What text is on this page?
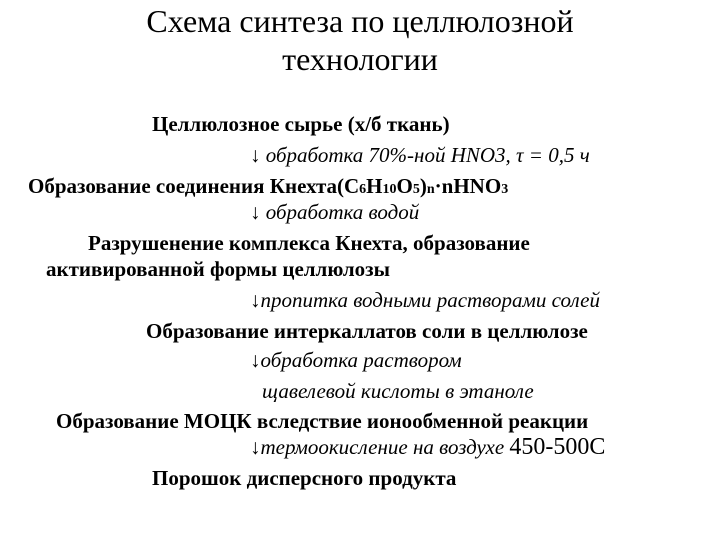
Схема синтеза по целлюлозной
технологии
Целлюлозное сырье (х/б ткань)
↓ обработка 70%-ной HNO3, τ = 0,5 ч
Образование соединения Кнехта(C6H10O5)n·nHNO3
↓ обработка водой
Разрушенение комплекса Кнехта, образование
активированной формы целлюлозы
↓пропитка водными растворами солей
Образование интеркаллатов соли в целлюлозе
↓обработка раствором
щавелевой кислоты в этаноле
Образование МОЦК вследствие ионообменной реакции
↓термоокисление на воздухе 450-500С
Порошок дисперсного продукта
